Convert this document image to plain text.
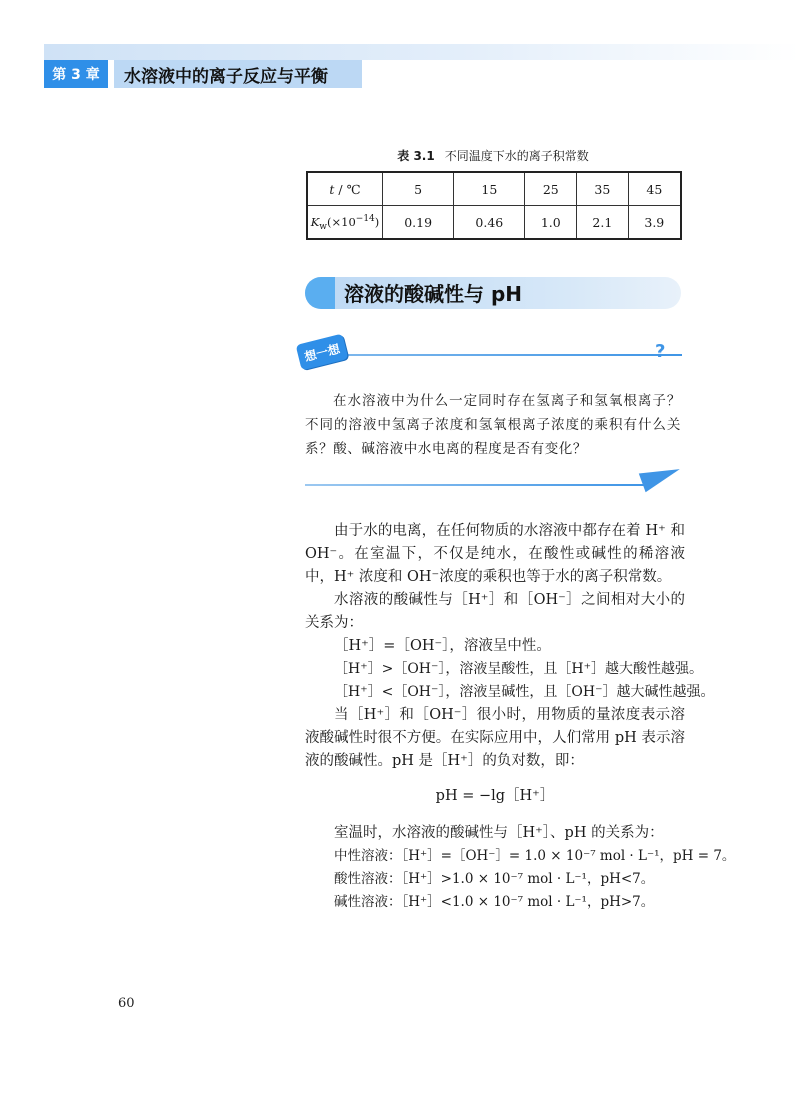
第 3 章	水溶液中的离子反应与平衡
表 3.1 不同温度下水的离子积常数
t / ℃	5	15	25	35	45
$K_w(\times 10^{-14})$	0.19	0.46	1.0	2.1	3.9
溶液的酸碱性与 pH
想一想	?
在水溶液中为什么一定同时存在氢离子和氢氧根离子？不同的溶液中氢离子浓度和氢氧根离子浓度的乘积有什么关系？酸、碱溶液中水电离的程度是否有变化？

由于水的电离，在任何物质的水溶液中都存在着 H⁺ 和 OH⁻。在室温下，不仅是纯水，在酸性或碱性的稀溶液中，H⁺ 浓度和 OH⁻浓度的乘积也等于水的离子积常数。

水溶液的酸碱性与［H⁺］和［OH⁻］之间相对大小的关系为：

［H⁺］=［OH⁻］，溶液呈中性。

［H⁺］>［OH⁻］，溶液呈酸性，且［H⁺］越大酸性越强。

［H⁺］<［OH⁻］，溶液呈碱性，且［OH⁻］越大碱性越强。

当［H⁺］和［OH⁻］很小时，用物质的量浓度表示溶液酸碱性时很不方便。在实际应用中，人们常用 pH 表示溶液的酸碱性。pH 是［H⁺］的负对数，即：

pH = −lg［H⁺］

室温时，水溶液的酸碱性与［H⁺］、pH 的关系为：

中性溶液：［H⁺］=［OH⁻］= 1.0 × 10⁻⁷ mol · L⁻¹，pH = 7。

酸性溶液：［H⁺］>1.0 × 10⁻⁷ mol · L⁻¹，pH<7。

碱性溶液：［H⁺］<1.0 × 10⁻⁷ mol · L⁻¹，pH>7。

60
